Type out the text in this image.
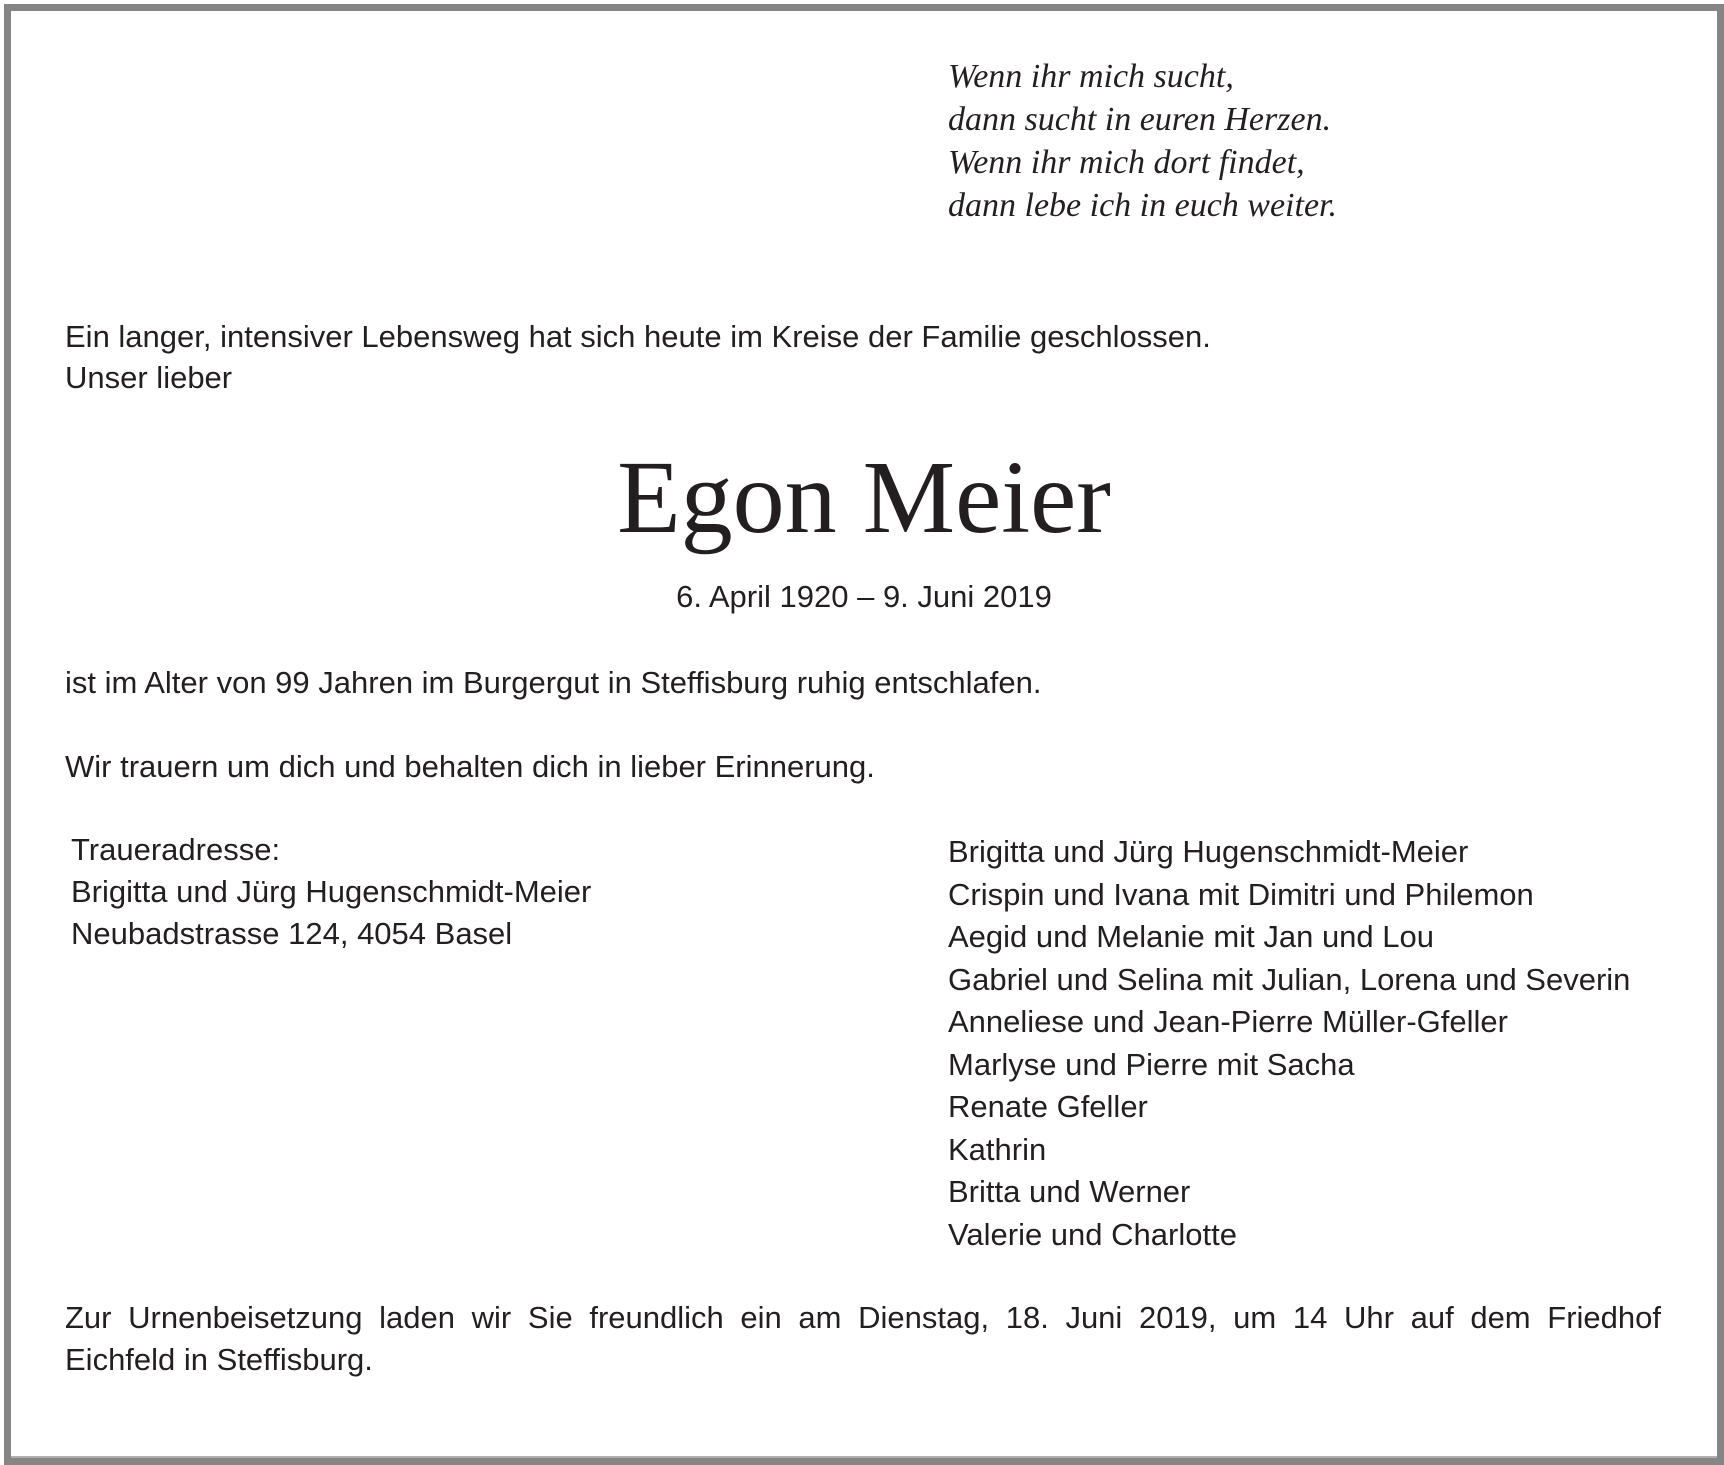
Wenn ihr mich sucht,
dann sucht in euren Herzen.
Wenn ihr mich dort findet,
dann lebe ich in euch weiter.
Ein langer, intensiver Lebensweg hat sich heute im Kreise der Familie geschlossen.
Unser lieber
Egon Meier
6. April 1920 – 9. Juni 2019
ist im Alter von 99 Jahren im Burgergut in Steffisburg ruhig entschlafen.
Wir trauern um dich und behalten dich in lieber Erinnerung.
Traueradresse:
Brigitta und Jürg Hugenschmidt-Meier
Neubadstrasse 124, 4054 Basel
Brigitta und Jürg Hugenschmidt-Meier
Crispin und Ivana mit Dimitri und Philemon
Aegid und Melanie mit Jan und Lou
Gabriel und Selina mit Julian, Lorena und Severin
Anneliese und Jean-Pierre Müller-Gfeller
Marlyse und Pierre mit Sacha
Renate Gfeller
Kathrin
Britta und Werner
Valerie und Charlotte
Zur Urnenbeisetzung laden wir Sie freundlich ein am Dienstag, 18. Juni 2019, um 14 Uhr auf dem Friedhof
Eichfeld in Steffisburg.
